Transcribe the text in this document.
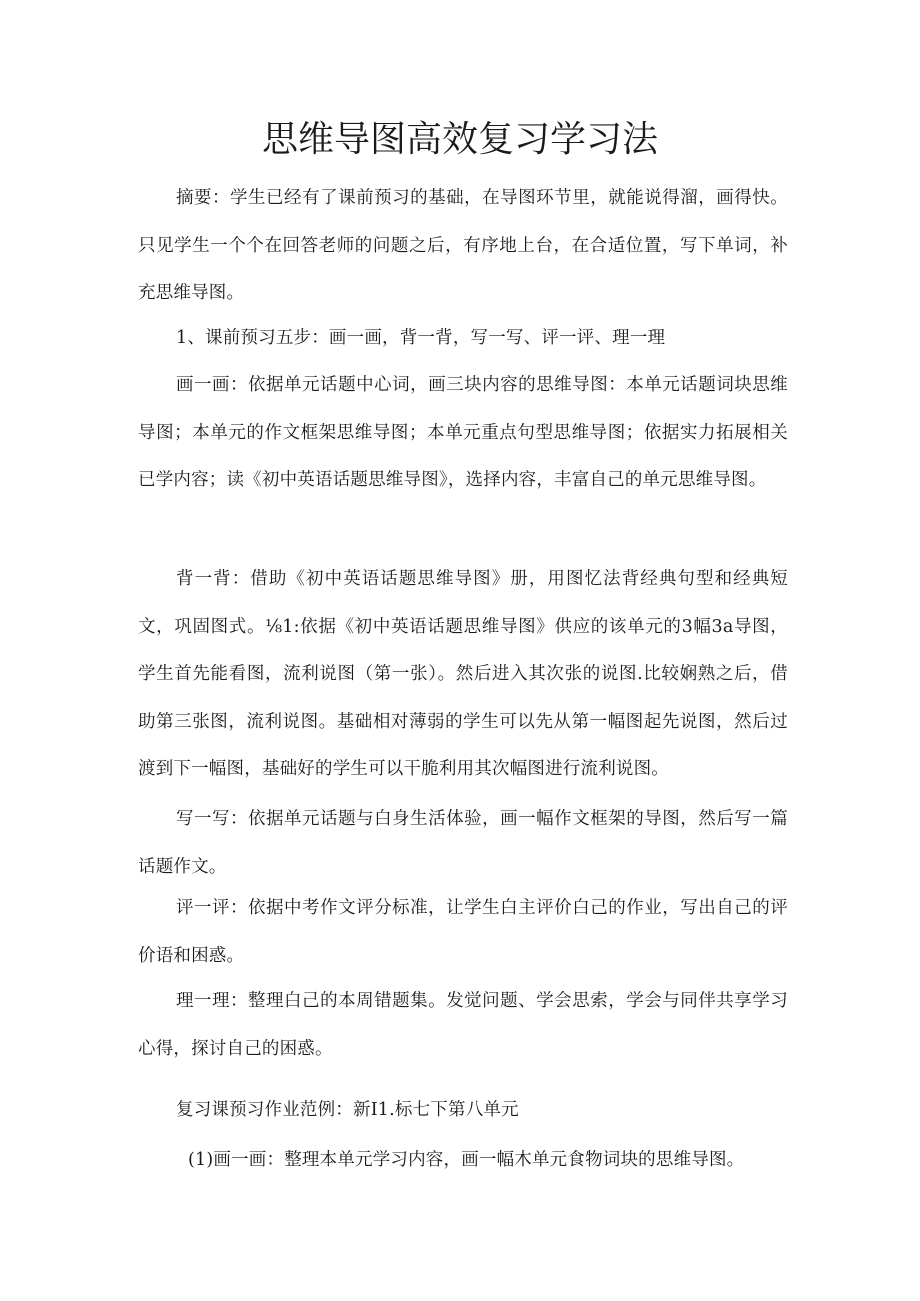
思维导图高效复习学习法

摘要：学生已经有了课前预习的基础，在导图环节里，就能说得溜，画得快。只见学生一个个在回答老师的问题之后，有序地上台，在合适位置，写下单词，补充思维导图。

1、课前预习五步：画一画，背一背，写一写、评一评、理一理

画一画：依据单元话题中心词，画三块内容的思维导图：本单元话题词块思维导图；本单元的作文框架思维导图；本单元重点句型思维导图；依据实力拓展相关已学内容；读《初中英语话题思维导图》，选择内容，丰富自己的单元思维导图。

背一背：借助《初中英语话题思维导图》册，用图忆法背经典句型和经典短文，巩固图式。⅛1:依据《初中英语话题思维导图》供应的该单元的3幅3a导图，学生首先能看图，流利说图（第一张）。然后进入其次张的说图.比较娴熟之后，借助第三张图，流利说图。基础相对薄弱的学生可以先从第一幅图起先说图，然后过渡到下一幅图，基础好的学生可以干脆利用其次幅图进行流利说图。

写一写：依据单元话题与白身生活体验，画一幅作文框架的导图，然后写一篇话题作文。

评一评：依据中考作文评分标准，让学生白主评价白己的作业，写出自己的评价语和困惑。

理一理：整理白己的本周错题集。发觉问题、学会思索，学会与同伴共享学习心得，探讨自己的困惑。

复习课预习作业范例：新I1.标七下第八单元

(1)画一画：整理本单元学习内容，画一幅木单元食物词块的思维导图。
